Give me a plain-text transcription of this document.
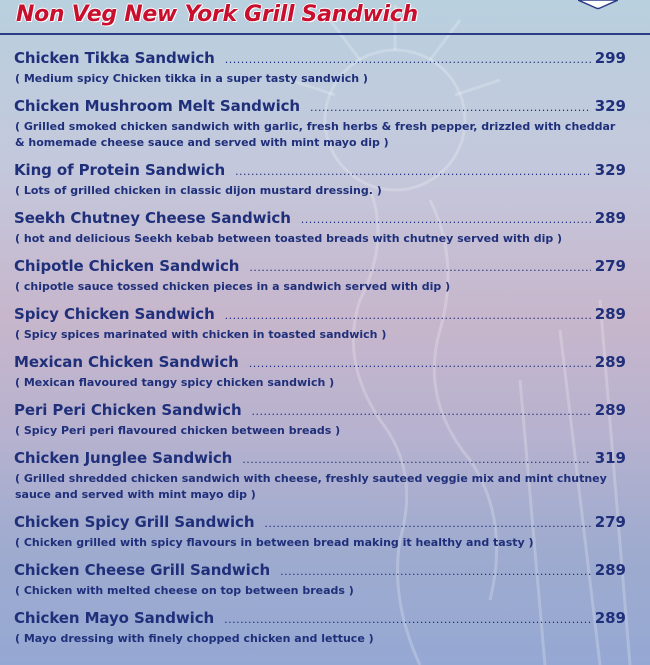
Non Veg New York Grill Sandwich
Chicken Tikka Sandwich .....	299
( Medium spicy Chicken tikka in a super tasty sandwich )
Chicken Mushroom Melt Sandwich .....	329
( Grilled smoked chicken sandwich with garlic, fresh herbs & fresh pepper, drizzled with cheddar & homemade cheese sauce and served with mint mayo dip )
King of Protein Sandwich .....	329
( Lots of grilled chicken in classic dijon mustard dressing. )
Seekh Chutney Cheese Sandwich .....	289
( hot and delicious Seekh kebab between toasted breads with chutney served with dip )
Chipotle Chicken Sandwich .....	279
( chipotle sauce tossed chicken pieces in a sandwich served with dip )
Spicy Chicken Sandwich .....	289
( Spicy spices marinated with chicken in toasted sandwich )
Mexican Chicken Sandwich .....	289
( Mexican flavoured tangy spicy chicken sandwich )
Peri Peri Chicken Sandwich .....	289
( Spicy Peri peri flavoured chicken between breads )
Chicken Junglee Sandwich .....	319
( Grilled shredded chicken sandwich with cheese, freshly sauteed veggie mix and mint chutney sauce and served with mint mayo dip )
Chicken Spicy Grill Sandwich .....	279
( Chicken grilled with spicy flavours in between bread making it healthy and tasty )
Chicken Cheese Grill Sandwich .....	289
( Chicken with melted cheese on top between breads )
Chicken Mayo Sandwich .....	289
( Mayo dressing with finely chopped chicken and lettuce )
